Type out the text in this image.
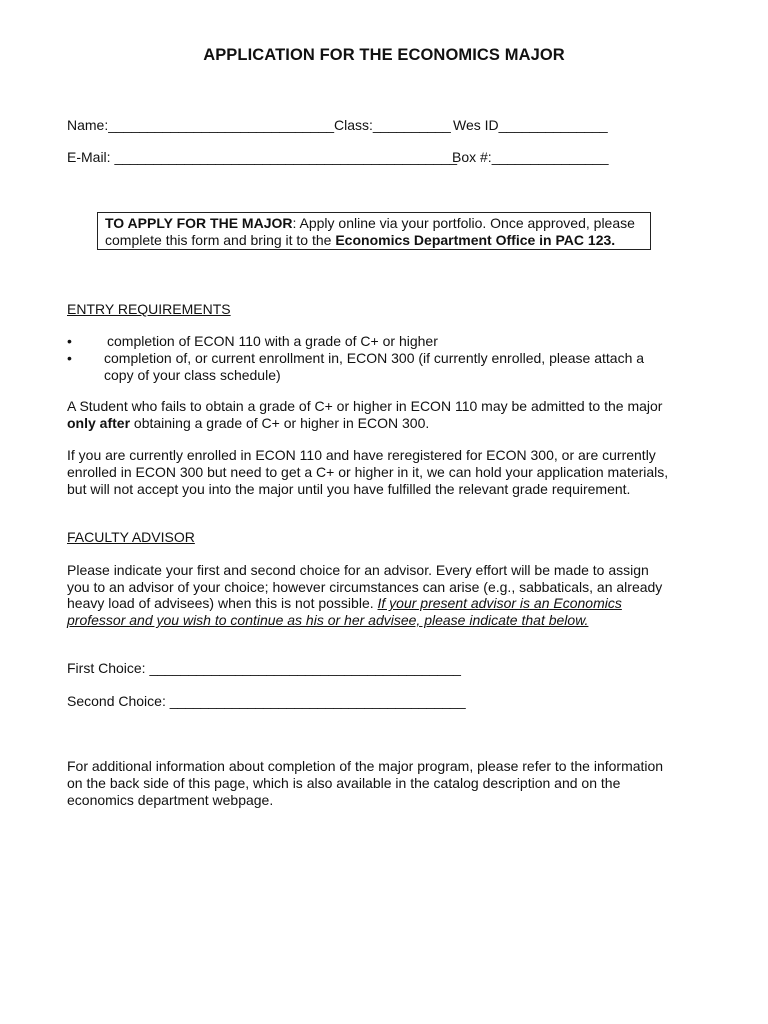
APPLICATION FOR THE ECONOMICS MAJOR
Name:_____________________________ Class:__________ Wes ID______________
E-Mail: ____________________________________________
Box #:_______________
TO APPLY FOR THE MAJOR: Apply online via your portfolio. Once approved, please
complete this form and bring it to the Economics Department Office in PAC 123.
ENTRY REQUIREMENTS
•	completion of ECON 110 with a grade of C+ or higher
• completion of, or current enrollment in, ECON 300 (if currently enrolled, please attach a
copy of your class schedule)
A Student who fails to obtain a grade of C+ or higher in ECON 110 may be admitted to the major
only after obtaining a grade of C+ or higher in ECON 300.
If you are currently enrolled in ECON 110 and have reregistered for ECON 300, or are currently
enrolled in ECON 300 but need to get a C+ or higher in it, we can hold your application materials,
but will not accept you into the major until you have fulfilled the relevant grade requirement.
FACULTY ADVISOR
Please indicate your first and second choice for an advisor. Every effort will be made to assign
you to an advisor of your choice; however circumstances can arise (e.g., sabbaticals, an already
heavy load of advisees) when this is not possible. If your present advisor is an Economics
professor and you wish to continue as his or her advisee, please indicate that below.
First Choice: ________________________________________
Second Choice: ______________________________________
For additional information about completion of the major program, please refer to the information
on the back side of this page, which is also available in the catalog description and on the
economics department webpage.
